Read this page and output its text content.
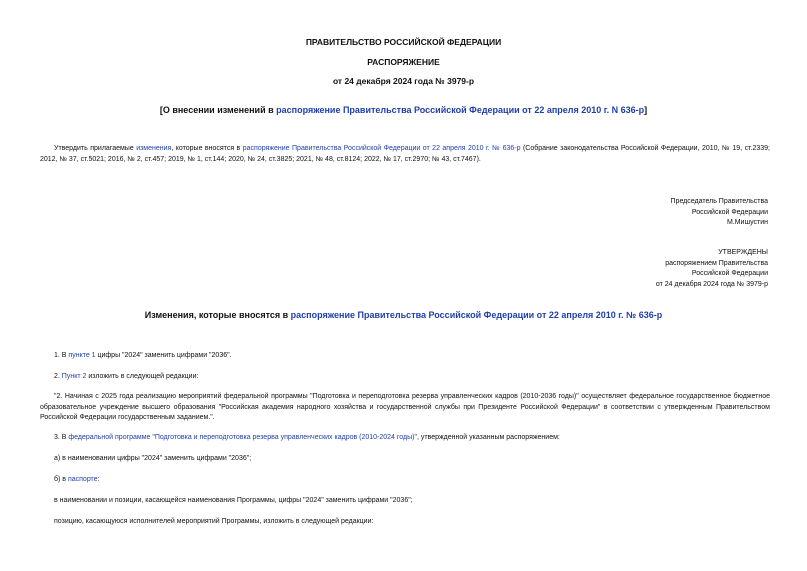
ПРАВИТЕЛЬСТВО РОССИЙСКОЙ ФЕДЕРАЦИИ
РАСПОРЯЖЕНИЕ
от 24 декабря 2024 года № 3979-р
[О внесении изменений в распоряжение Правительства Российской Федерации от 22 апреля 2010 г. N 636-р]
Утвердить прилагаемые изменения, которые вносятся в распоряжение Правительства Российской Федерации от 22 апреля 2010 г. № 636-р (Собрание законодательства Российской Федерации, 2010, № 19, ст.2339; 2012, № 37, ст.5021; 2016, № 2, ст.457; 2019, № 1, ст.144; 2020, № 24, ст.3825; 2021, № 48, ст.8124; 2022, № 17, ст.2970; № 43, ст.7467).
Председатель Правительства
Российской Федерации
М.Мишустин
УТВЕРЖДЕНЫ
распоряжением Правительства
Российской Федерации
от 24 декабря 2024 года № 3979-р
Изменения, которые вносятся в распоряжение Правительства Российской Федерации от 22 апреля 2010 г. № 636-р
1. В пункте 1 цифры "2024" заменить цифрами "2036".
2. Пункт 2 изложить в следующей редакции:
"2. Начиная с 2025 года реализацию мероприятий федеральной программы "Подготовка и переподготовка резерва управленческих кадров (2010-2036 годы)" осуществляет федеральное государственное бюджетное образовательное учреждение высшего образования "Российская академия народного хозяйства и государственной службы при Президенте Российской Федерации" в соответствии с утвержденным Правительством Российской Федерации государственным заданием.".
3. В федеральной программе "Подготовка и переподготовка резерва управленческих кадров (2010-2024 годы)", утвержденной указанным распоряжением:
а) в наименовании цифры "2024" заменить цифрами "2036";
б) в паспорте:
в наименовании и позиции, касающейся наименования Программы, цифры "2024" заменить цифрами "2036";
позицию, касающуюся исполнителей мероприятий Программы, изложить в следующей редакции:
